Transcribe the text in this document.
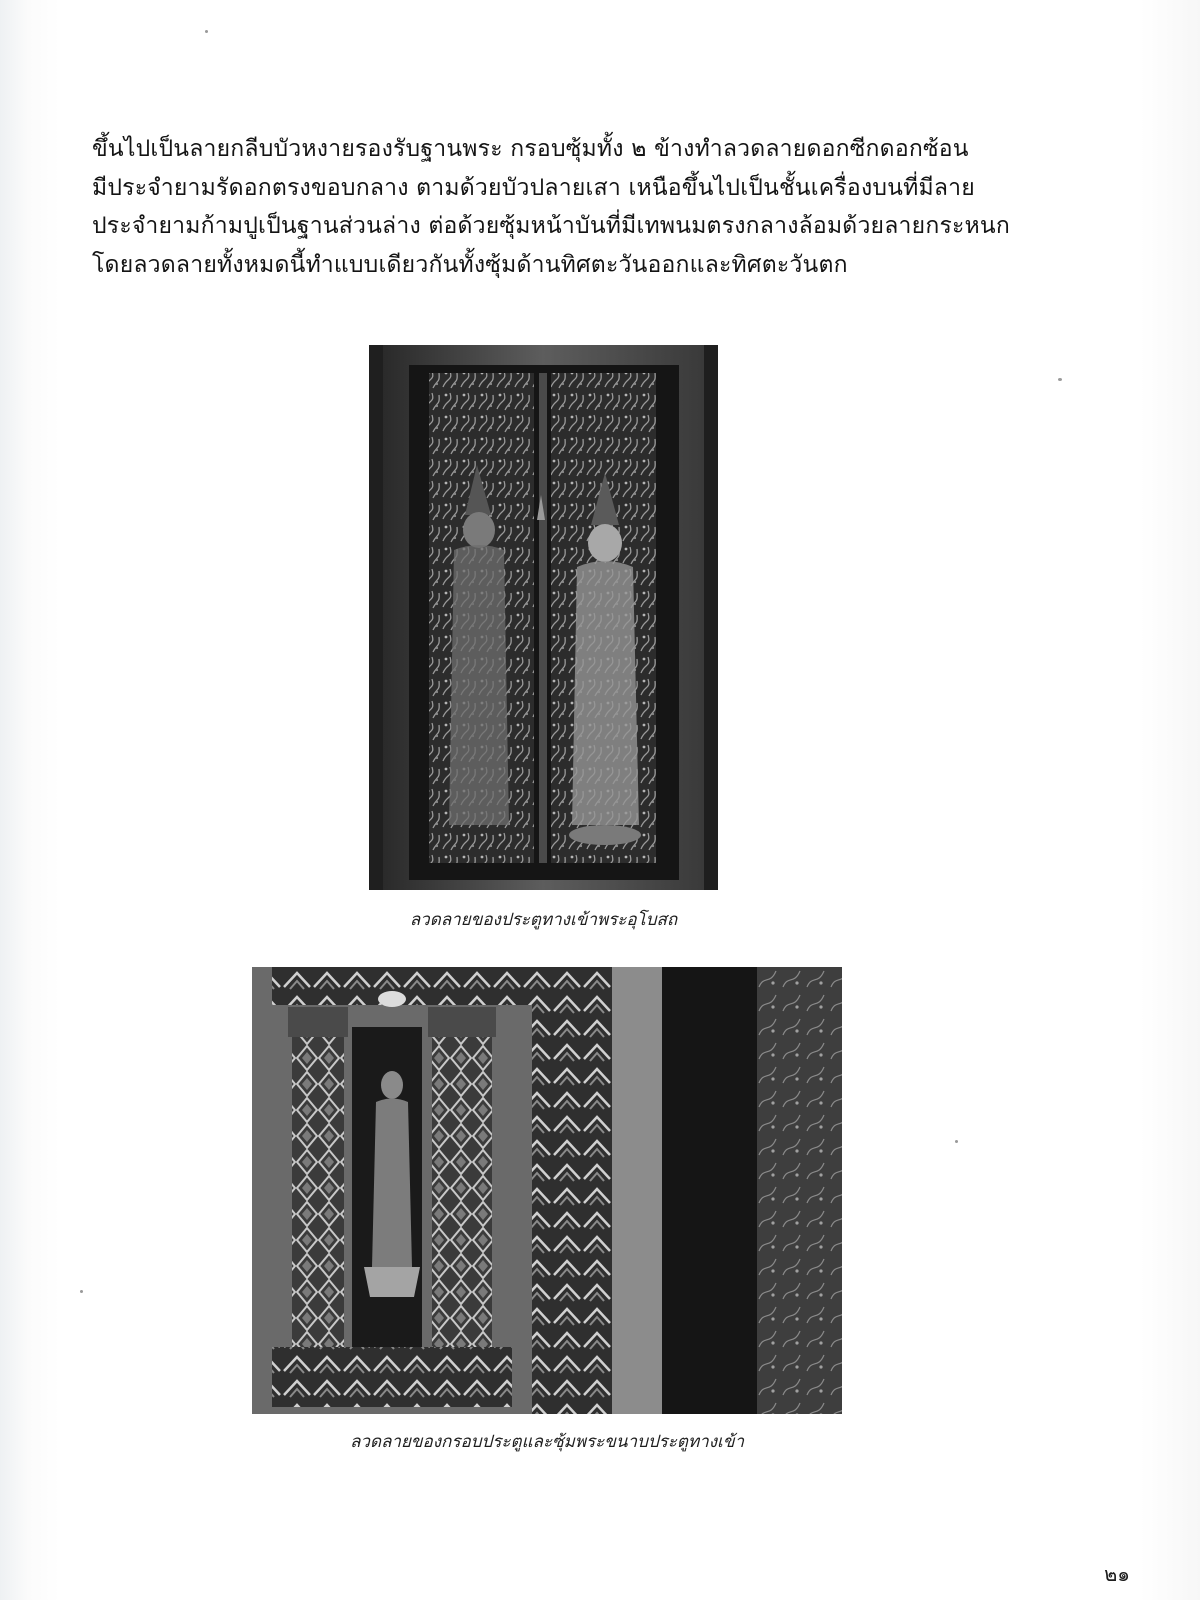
ขึ้นไปเป็นลายกลีบบัวหงายรองรับฐานพระ กรอบซุ้มทั้ง ๒ ข้างทำลวดลายดอกซีกดอกซ้อน
มีประจำยามรัดอกตรงขอบกลาง ตามด้วยบัวปลายเสา เหนือขึ้นไปเป็นชั้นเครื่องบนที่มีลาย
ประจำยามก้ามปูเป็นฐานส่วนล่าง ต่อด้วยซุ้มหน้าบันที่มีเทพนมตรงกลางล้อมด้วยลายกระหนก
โดยลวดลายทั้งหมดนี้ทำแบบเดียวกันทั้งซุ้มด้านทิศตะวันออกและทิศตะวันตก
ลวดลายของประตูทางเข้าพระอุโบสถ
ลวดลายของกรอบประตูและซุ้มพระขนาบประตูทางเข้า
๒๑
